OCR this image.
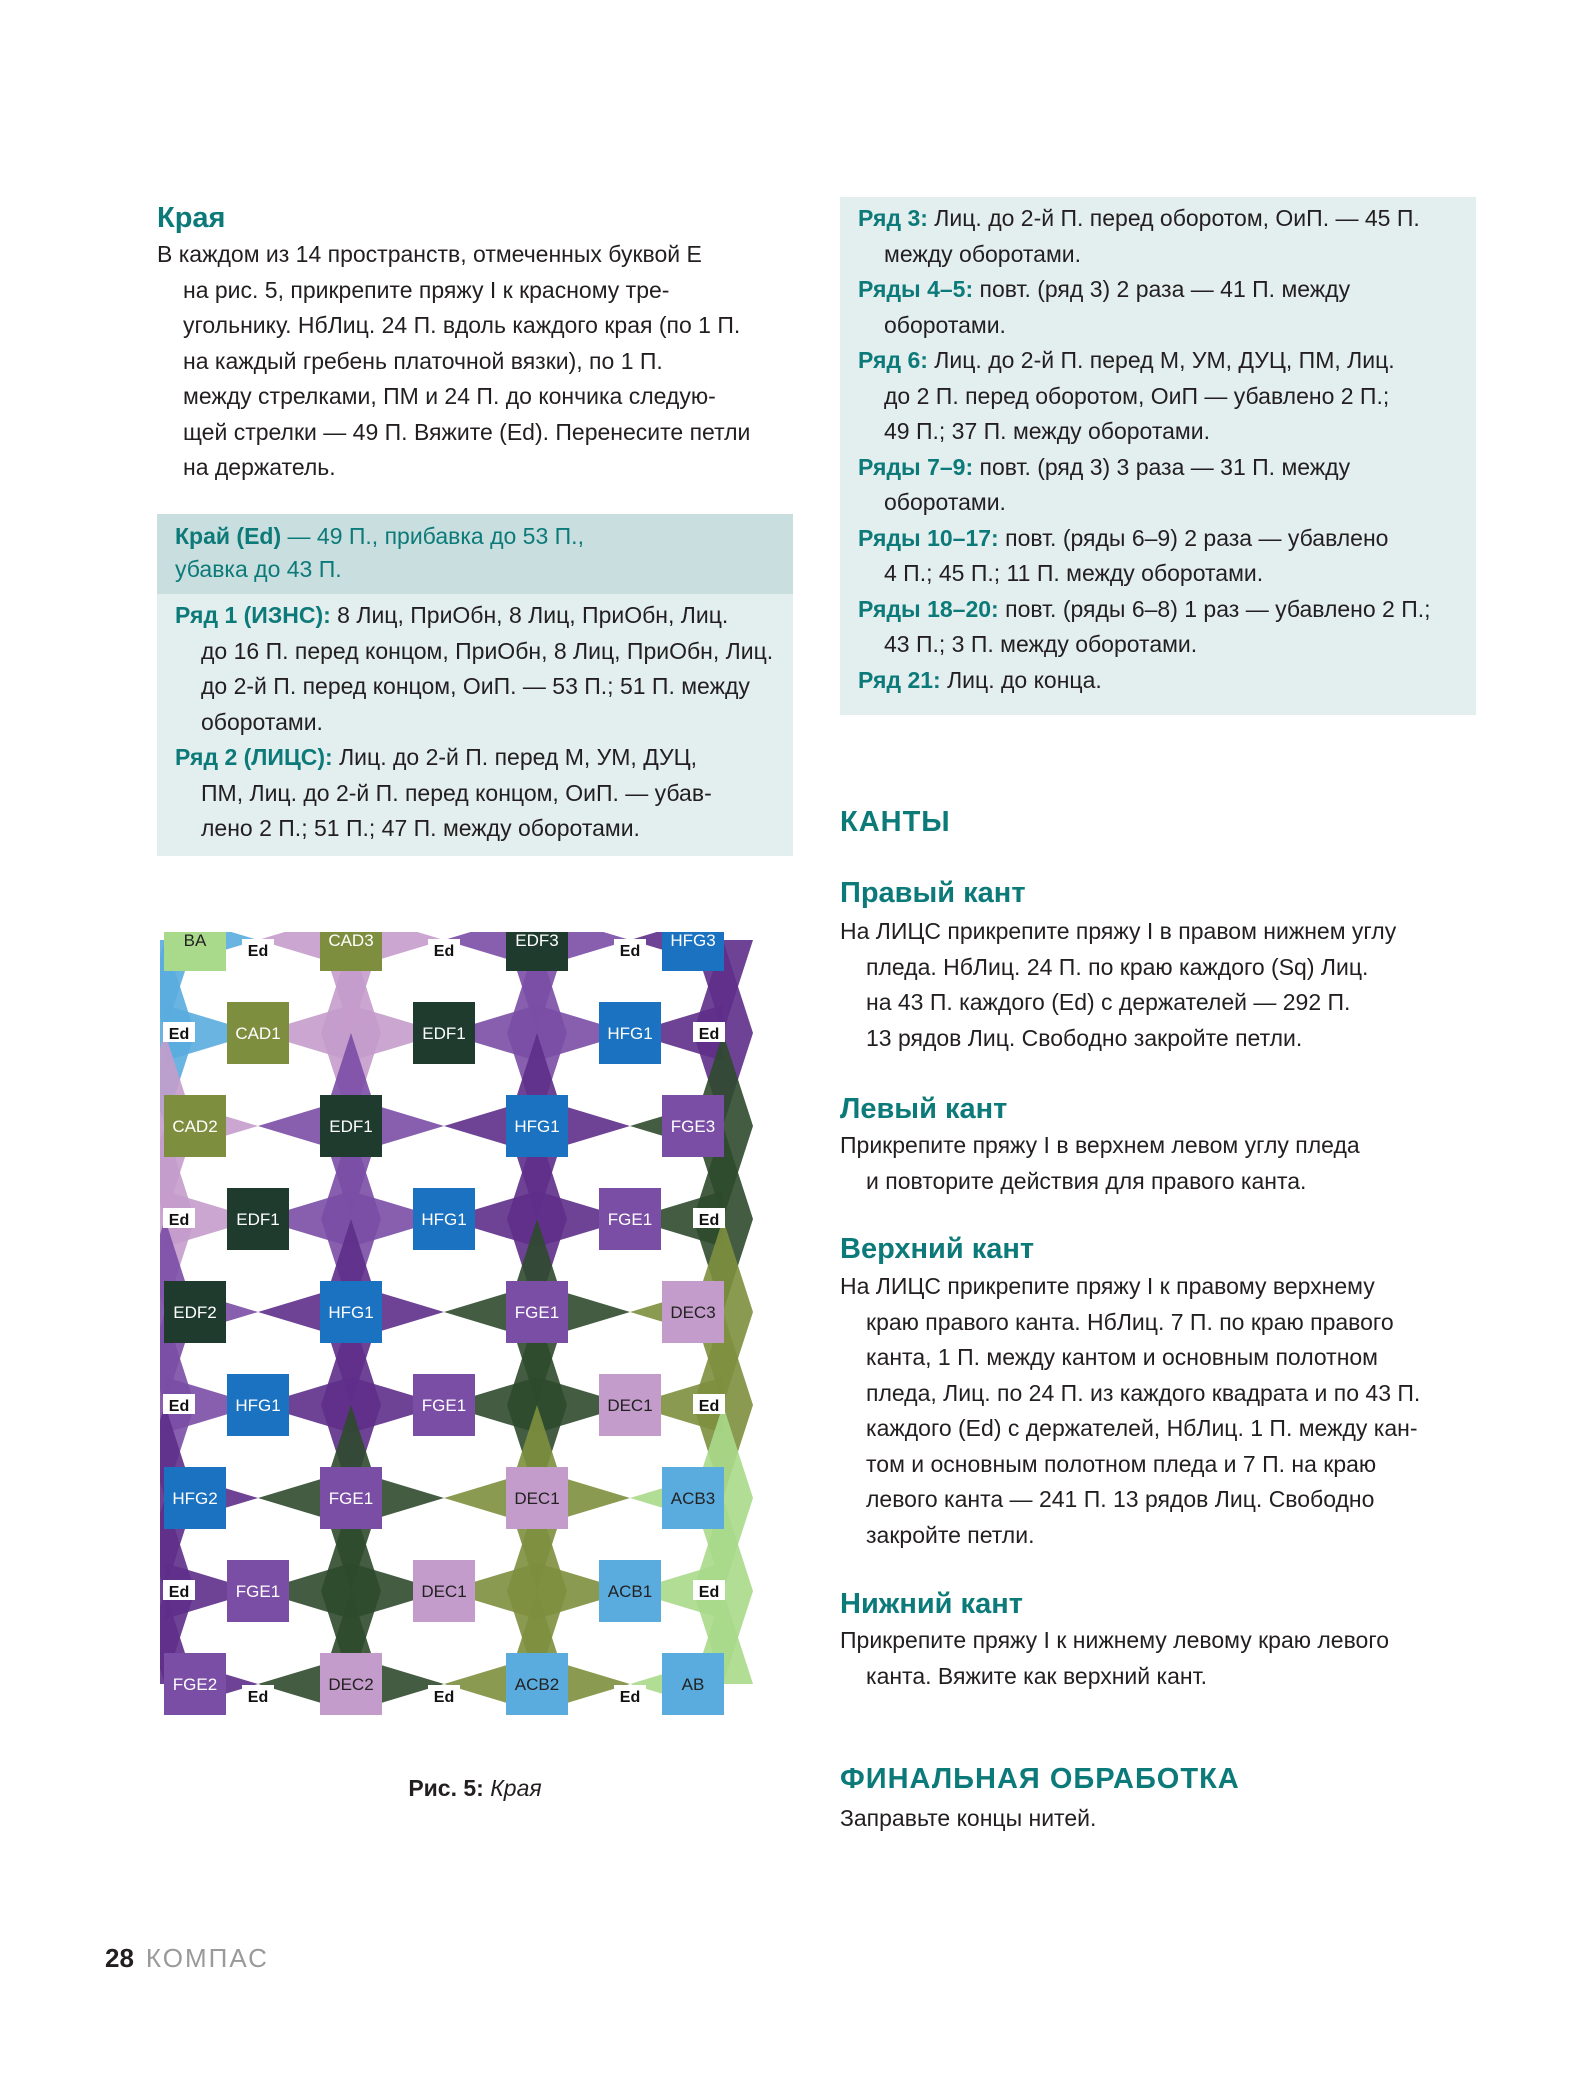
Края
В каждом из 14 пространств, отмеченных буквой E
на рис. 5, прикрепите пряжу I к красному тре-
угольнику. НбЛиц. 24 П. вдоль каждого края (по 1 П.
на каждый гребень платочной вязки), по 1 П.
между стрелками, ПМ и 24 П. до кончика следую-
щей стрелки — 49 П. Вяжите (Ed). Перенесите петли
на держатель.
Край (Ed) — 49 П., прибавка до 53 П.,
убавка до 43 П.
Ряд 1 (ИЗНС): 8 Лиц, ПриОбн, 8 Лиц, ПриОбн, Лиц.
до 16 П. перед концом, ПриОбн, 8 Лиц, ПриОбн, Лиц.
до 2-й П. перед концом, ОиП. — 53 П.; 51 П. между
оборотами.
Ряд 2 (ЛИЦС): Лиц. до 2-й П. перед М, УМ, ДУЦ,
ПМ, Лиц. до 2-й П. перед концом, ОиП. — убав-
лено 2 П.; 51 П.; 47 П. между оборотами.
BA	CAD3	EDF3	HFG3
CAD1	EDF1	HFG1
CAD2	EDF1	HFG1	FGE3
EDF1	HFG1	FGE1
EDF2	HFG1	FGE1	DEC3
HFG1	FGE1	DEC1
HFG2	FGE1	DEC1	ACB3
FGE1	DEC1	ACB1
FGE2	DEC2	ACB2	AB
Ed
Ed
Ed
Ed
Ed
Ed
Ed	Ed
Ed	Ed
Ed	Ed
Ed	Ed
Рис. 5: Края
Ряд 3: Лиц. до 2-й П. перед оборотом, ОиП. — 45 П.
между оборотами.
Ряды 4–5: повт. (ряд 3) 2 раза — 41 П. между
оборотами.
Ряд 6: Лиц. до 2-й П. перед М, УМ, ДУЦ, ПМ, Лиц.
до 2 П. перед оборотом, ОиП — убавлено 2 П.;
49 П.; 37 П. между оборотами.
Ряды 7–9: повт. (ряд 3) 3 раза — 31 П. между
оборотами.
Ряды 10–17: повт. (ряды 6–9) 2 раза — убавлено
4 П.; 45 П.; 11 П. между оборотами.
Ряды 18–20: повт. (ряды 6–8) 1 раз — убавлено 2 П.;
43 П.; 3 П. между оборотами.
Ряд 21: Лиц. до конца.
КАНТЫ
Правый кант
На ЛИЦС прикрепите пряжу I в правом нижнем углу
пледа. НбЛиц. 24 П. по краю каждого (Sq) Лиц.
на 43 П. каждого (Ed) с держателей — 292 П.
13 рядов Лиц. Свободно закройте петли.
Левый кант
Прикрепите пряжу I в верхнем левом углу пледа
и повторите действия для правого канта.
Верхний кант
На ЛИЦС прикрепите пряжу I к правому верхнему
краю правого канта. НбЛиц. 7 П. по краю правого
канта, 1 П. между кантом и основным полотном
пледа, Лиц. по 24 П. из каждого квадрата и по 43 П.
каждого (Ed) с держателей, НбЛиц. 1 П. между кан-
том и основным полотном пледа и 7 П. на краю
левого канта — 241 П. 13 рядов Лиц. Свободно
закройте петли.
Нижний кант
Прикрепите пряжу I к нижнему левому краю левого
канта. Вяжите как верхний кант.
ФИНАЛЬНАЯ ОБРАБОТКА
Заправьте концы нитей.
28 КОМПАС
